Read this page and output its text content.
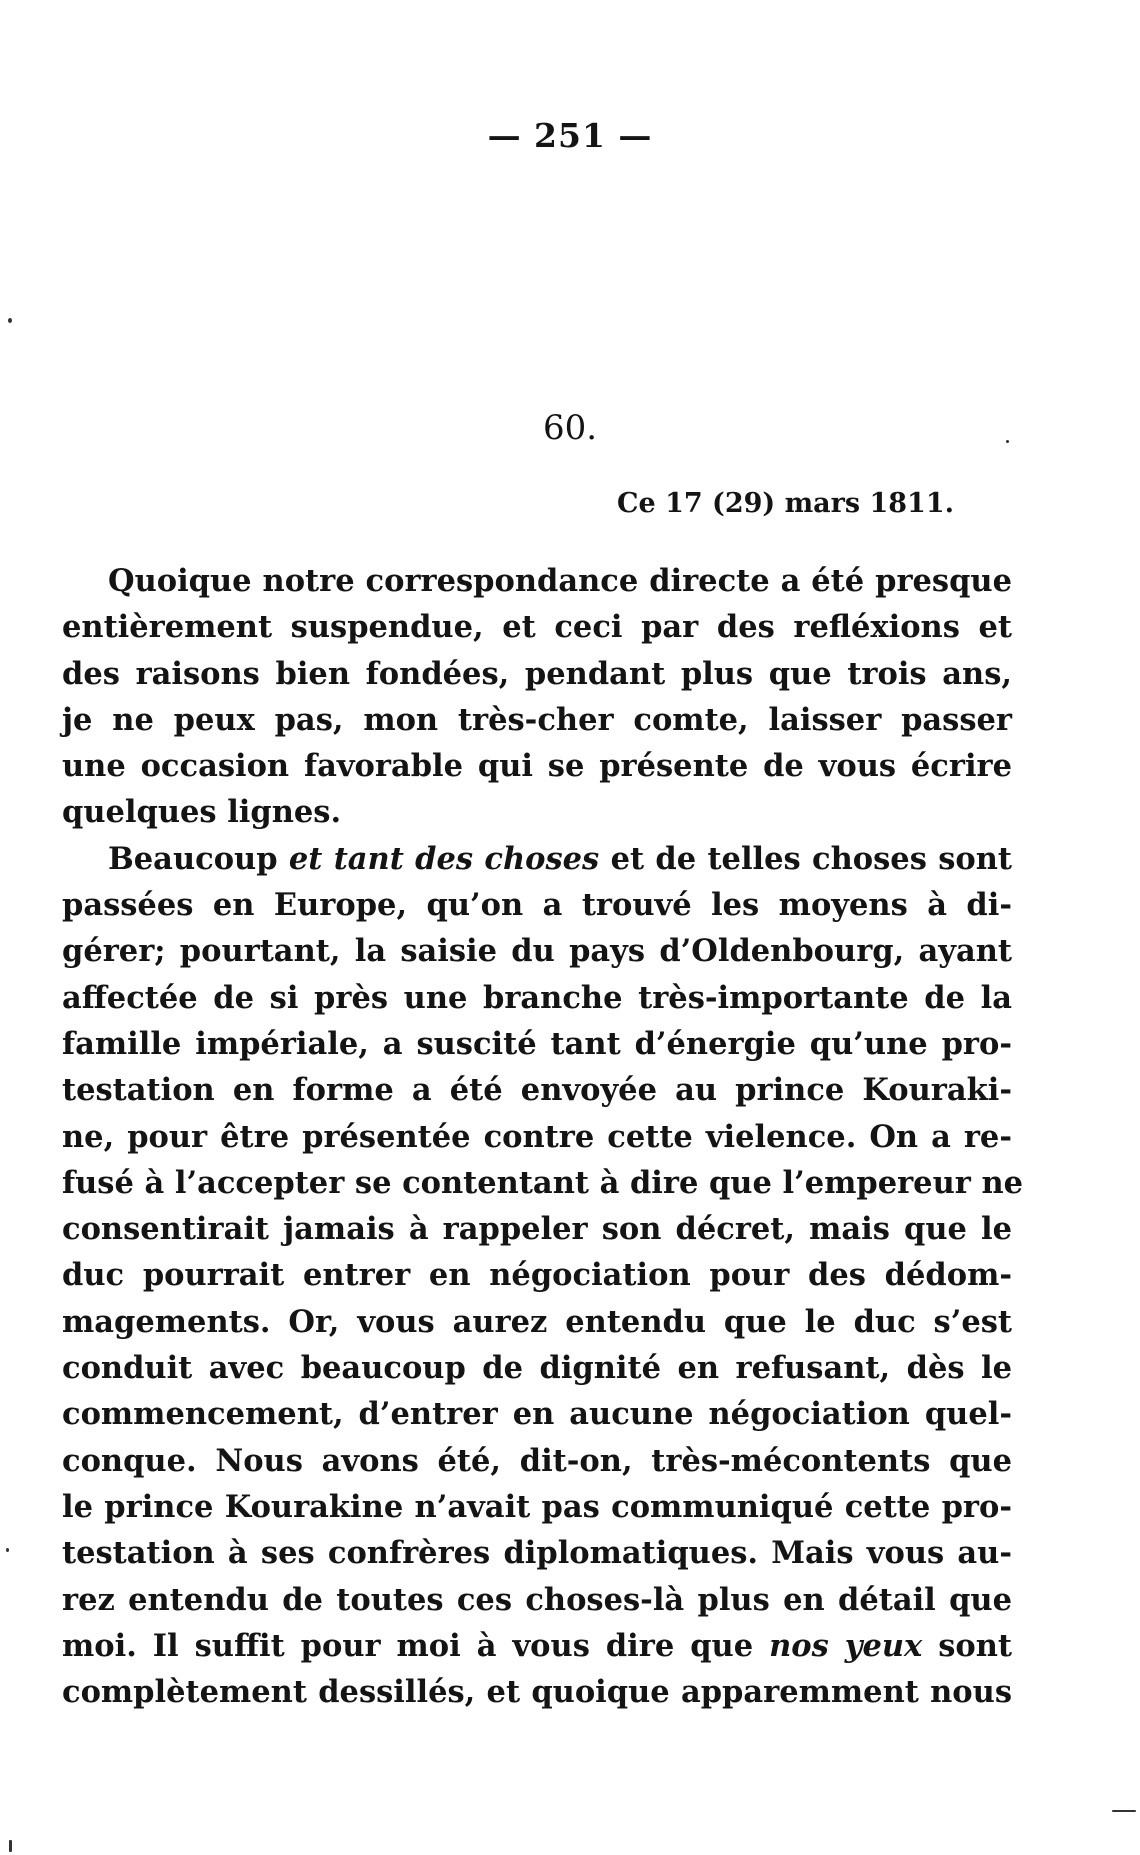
— 251 —
60.
Ce 17 (29) mars 1811.
Quoique notre correspondance directe a été presque
entièrement suspendue, et ceci par des refléxions et
des raisons bien fondées, pendant plus que trois ans,
je ne peux pas, mon très-cher comte, laisser passer
une occasion favorable qui se présente de vous écrire
quelques lignes.
Beaucoup et tant des choses et de telles choses sont
passées en Europe, qu’on a trouvé les moyens à di-
gérer; pourtant, la saisie du pays d’Oldenbourg, ayant
affectée de si près une branche très-importante de la
famille impériale, a suscité tant d’énergie qu’une pro-
testation en forme a été envoyée au prince Kouraki-
ne, pour être présentée contre cette vielence. On a re-
fusé à l’accepter se contentant à dire que l’empereur ne
consentirait jamais à rappeler son décret, mais que le
duc pourrait entrer en négociation pour des dédom-
magements. Or, vous aurez entendu que le duc s’est
conduit avec beaucoup de dignité en refusant, dès le
commencement, d’entrer en aucune négociation quel-
conque. Nous avons été, dit-on, très-mécontents que
le prince Kourakine n’avait pas communiqué cette pro-
testation à ses confrères diplomatiques. Mais vous au-
rez entendu de toutes ces choses-là plus en détail que
moi. Il suffit pour moi à vous dire que nos yeux sont
complètement dessillés, et quoique apparemment nous
